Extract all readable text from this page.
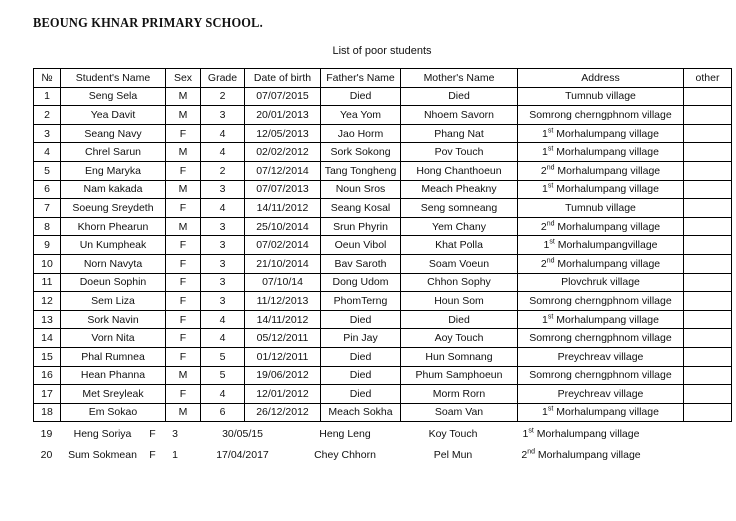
BEOUNG KHNAR PRIMARY SCHOOL.
List of poor students
№	Student's Name	Sex	Grade	Date of birth	Father's Name	Mother's Name	Address	other
1	Seng Sela	M	2	07/07/2015	Died	Died	Tumnub village	
2	Yea Davit	M	3	20/01/2013	Yea Yom	Nhoem Savorn	Somrong cherngphnom village	
3	Seang Navy	F	4	12/05/2013	Jao Horm	Phang Nat	1st Morhalumpang village	
4	Chrel Sarun	M	4	02/02/2012	Sork Sokong	Pov Touch	1st Morhalumpang village	
5	Eng Maryka	F	2	07/12/2014	Tang Tongheng	Hong Chanthoeun	2nd Morhalumpang village	
6	Nam kakada	M	3	07/07/2013	Noun Sros	Meach Pheakny	1st Morhalumpang village	
7	Soeung Sreydeth	F	4	14/11/2012	Seang Kosal	Seng somneang	Tumnub village	
8	Khorn Phearun	M	3	25/10/2014	Srun Phyrin	Yem Chany	2nd Morhalumpang village	
9	Un Kumpheak	F	3	07/02/2014	Oeun Vibol	Khat Polla	1st Morhalumpangvillage	
10	Norn Navyta	F	3	21/10/2014	Bav Saroth	Soam Voeun	2nd Morhalumpang village	
11	Doeun Sophin	F	3	07/10/14	Dong Udom	Chhon Sophy	Plovchruk village	
12	Sem Liza	F	3	11/12/2013	PhomTerng	Houn Som	Somrong cherngphnom village	
13	Sork Navin	F	4	14/11/2012	Died	Died	1st Morhalumpang village	
14	Vorn Nita	F	4	05/12/2011	Pin Jay	Aoy Touch	Somrong cherngphnom village	
15	Phal Rumnea	F	5	01/12/2011	Died	Hun Somnang	Preychreav village	
16	Hean Phanna	M	5	19/06/2012	Died	Phum Samphoeun	Somrong cherngphnom village	
17	Met Sreyleak	F	4	12/01/2012	Died	Morm Rorn	Preychreav village	
18	Em Sokao	M	6	26/12/2012	Meach Sokha	Soam Van	1st Morhalumpang village	
19	Heng Soriya	F	3	30/05/15	Heng Leng	Koy Touch	1st Morhalumpang village	
20	Sum Sokmean	F	1	17/04/2017	Chey Chhorn	Pel Mun	2nd Morhalumpang village	
